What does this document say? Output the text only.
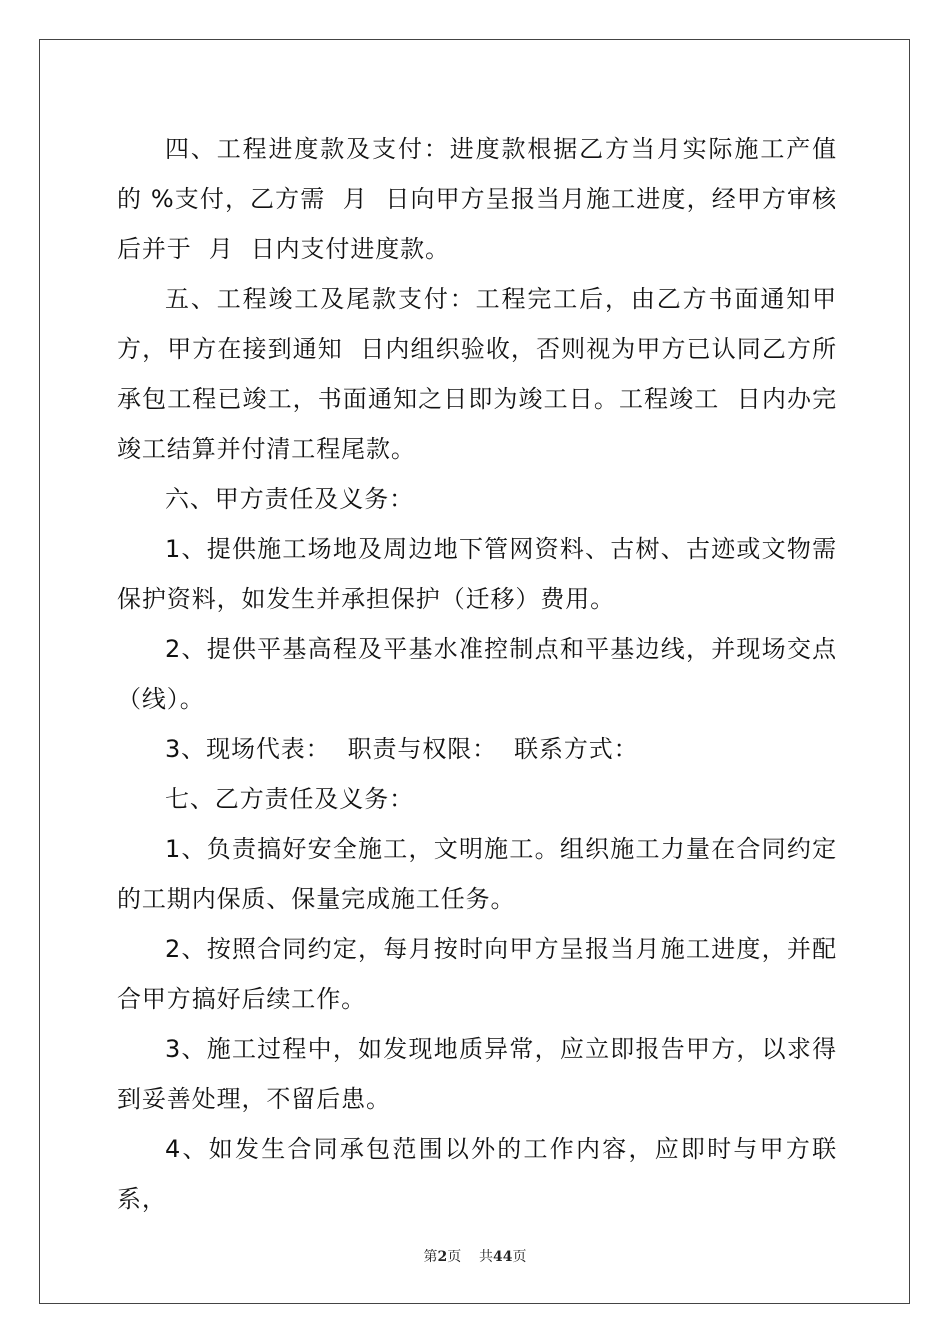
四、工程进度款及支付：进度款根据乙方当月实际施工产值的 %支付，乙方需  月  日向甲方呈报当月施工进度，经甲方审核后并于  月  日内支付进度款。

五、工程竣工及尾款支付：工程完工后，由乙方书面通知甲方，甲方在接到通知  日内组织验收，否则视为甲方已认同乙方所承包工程已竣工，书面通知之日即为竣工日。工程竣工  日内办完竣工结算并付清工程尾款。

六、甲方责任及义务：

1、提供施工场地及周边地下管网资料、古树、古迹或文物需保护资料，如发生并承担保护（迁移）费用。

2、提供平基高程及平基水准控制点和平基边线，并现场交点（线）。

3、现场代表：  职责与权限：  联系方式：

七、乙方责任及义务：

1、负责搞好安全施工，文明施工。组织施工力量在合同约定的工期内保质、保量完成施工任务。

2、按照合同约定，每月按时向甲方呈报当月施工进度，并配合甲方搞好后续工作。

3、施工过程中，如发现地质异常，应立即报告甲方，以求得到妥善处理，不留后患。

4、如发生合同承包范围以外的工作内容，应即时与甲方联系，

第2页 共44页
